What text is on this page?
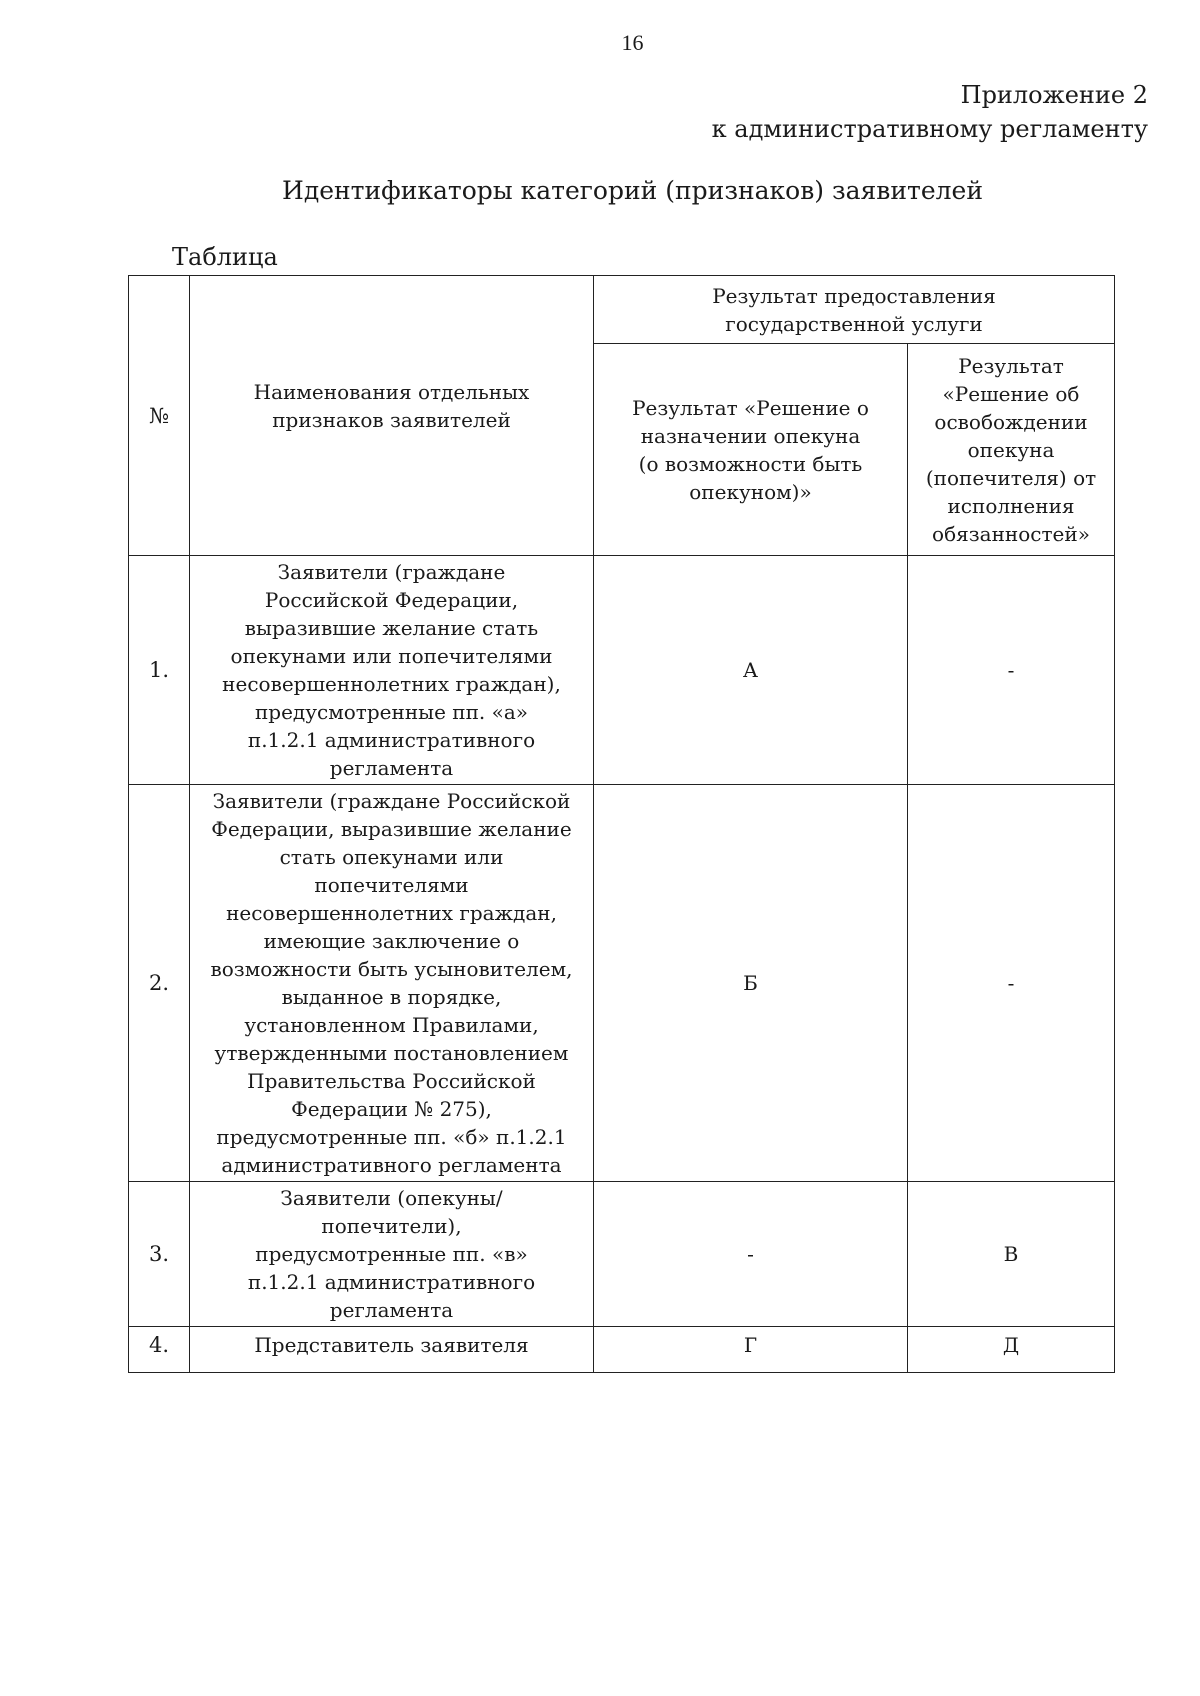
16
Приложение 2
к административному регламенту
Идентификаторы категорий (признаков) заявителей
Таблица
№	Наименования отдельных признаков заявителей	Результат предоставления государственной услуги	
		Результат «Решение о назначении опекуна (о возможности быть опекуном)»	Результат «Решение об освобождении опекуна (попечителя) от исполнения обязанностей»
1.	Заявители (граждане Российской Федерации, выразившие желание стать опекунами или попечителями несовершеннолетних граждан), предусмотренные пп. «а» п.1.2.1 административного регламента	А	-
2.	Заявители (граждане Российской Федерации, выразившие желание стать опекунами или попечителями несовершеннолетних граждан, имеющие заключение о возможности быть усыновителем, выданное в порядке, установленном Правилами, утвержденными постановлением Правительства Российской Федерации № 275), предусмотренные пп. «б» п.1.2.1 административного регламента	Б	-
3.	Заявители (опекуны/попечители), предусмотренные пп. «в» п.1.2.1 административного регламента	-	В
4.	Представитель заявителя	Г	Д
